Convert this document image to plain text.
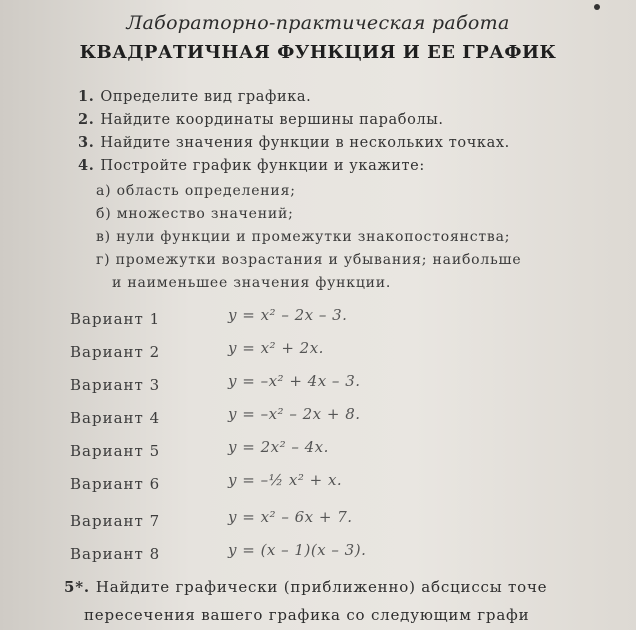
Лабораторно-практическая работа
КВАДРАТИЧНАЯ ФУНКЦИЯ И ЕЕ ГРАФИК
1. Определите вид графика.
2. Найдите координаты вершины параболы.
3. Найдите значения функции в нескольких точках.
4. Постройте график функции и укажите:
а) область определения;
б) множество значений;
в) нули функции и промежутки знакопостоянства;
г) промежутки возрастания и убывания; наибольше
и наименьшее значения функции.
Вариант 1	y = x² – 2x – 3.
Вариант 2	y = x² + 2x.
Вариант 3	y = –x² + 4x – 3.
Вариант 4	y = –x² – 2x + 8.
Вариант 5	y = 2x² – 4x.
Вариант 6	y = –½ x² + x.
Вариант 7	y = x² – 6x + 7.
Вариант 8	y = (x – 1)(x – 3).
5*. Найдите графически (приближенно) абсциссы точе
пересечения вашего графика со следующим графи
